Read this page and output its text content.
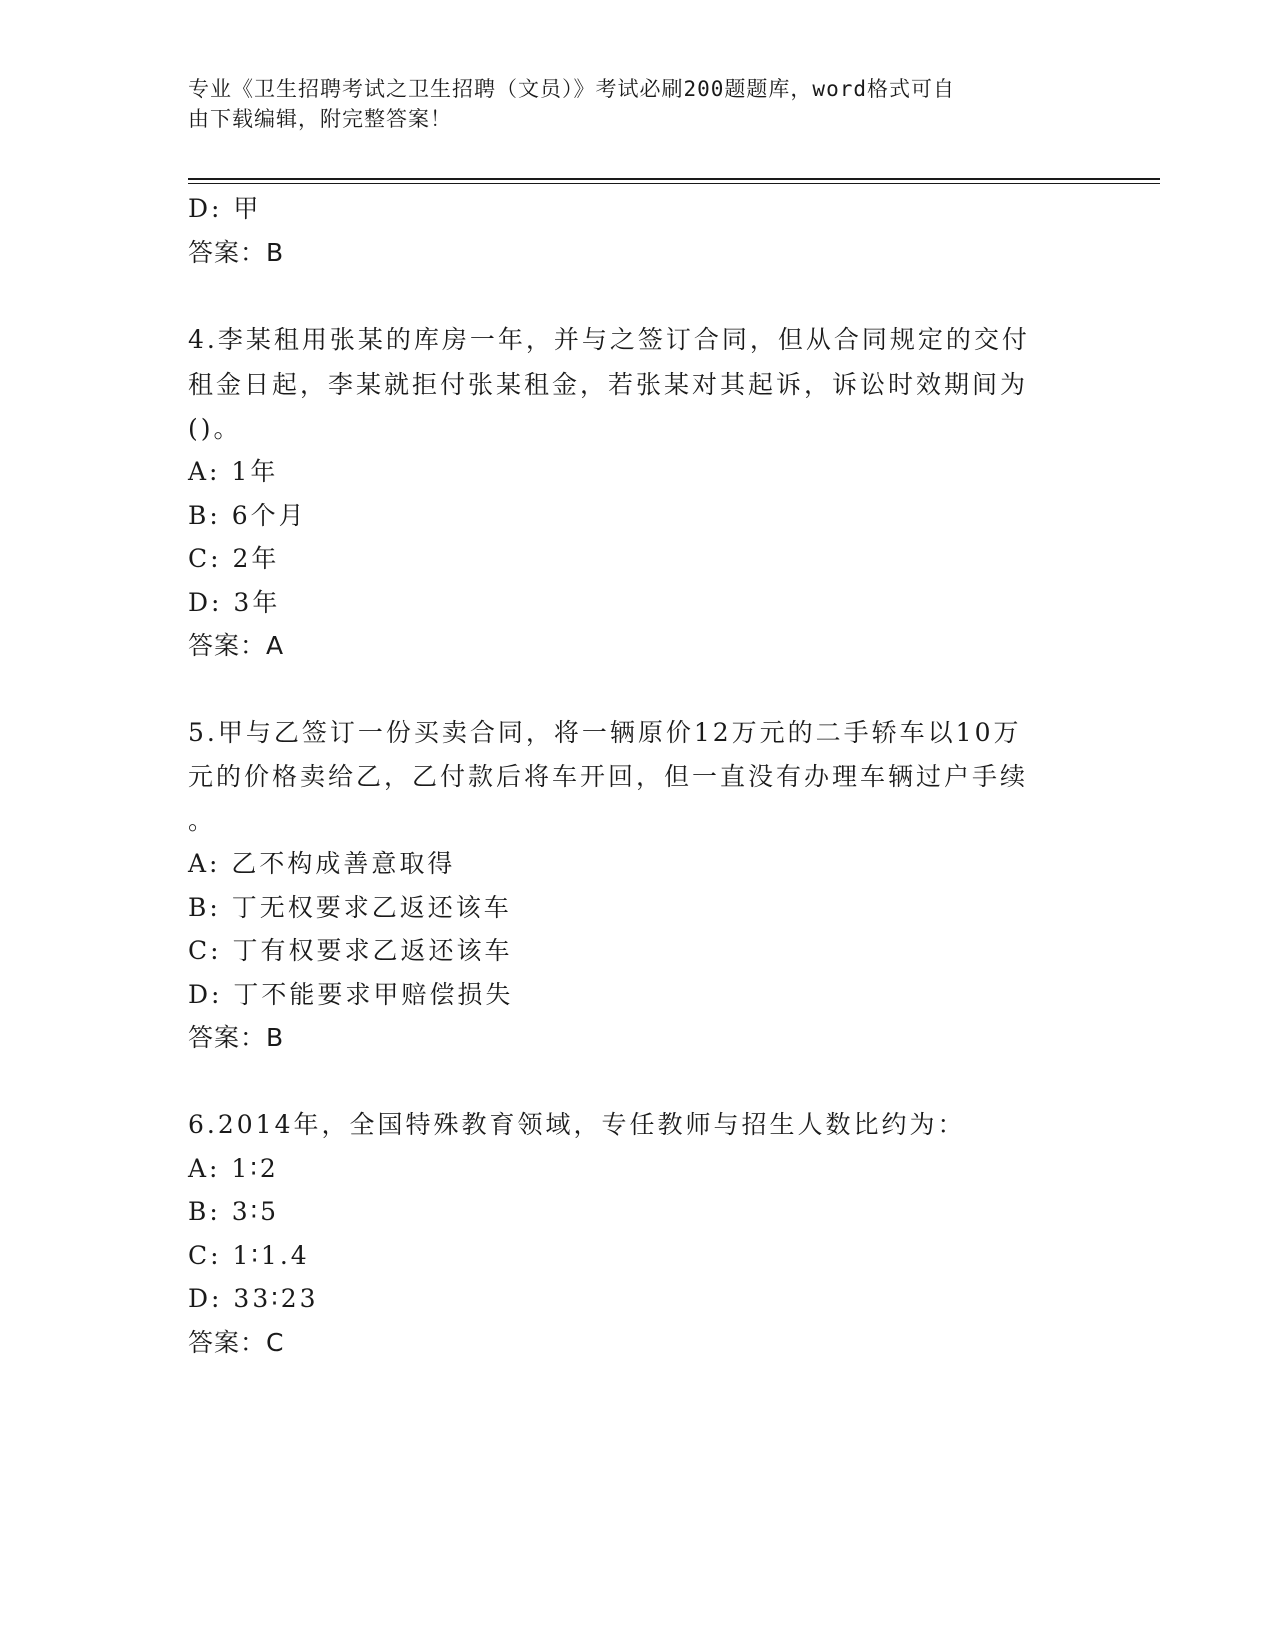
专业《卫生招聘考试之卫生招聘（文员）》考试必刷200题题库，word格式可自
由下载编辑，附完整答案！
D: 甲
答案：B
4.李某租用张某的库房一年，并与之签订合同，但从合同规定的交付
租金日起，李某就拒付张某租金，若张某对其起诉，诉讼时效期间为
()。
A: 1年
B: 6个月
C: 2年
D: 3年
答案：A
5.甲与乙签订一份买卖合同，将一辆原价12万元的二手轿车以10万
元的价格卖给乙，乙付款后将车开回，但一直没有办理车辆过户手续
。
A: 乙不构成善意取得
B: 丁无权要求乙返还该车
C: 丁有权要求乙返还该车
D: 丁不能要求甲赔偿损失
答案：B
6.2014年，全国特殊教育领域，专任教师与招生人数比约为：
A: 1∶2
B: 3∶5
C: 1∶1.4
D: 33∶23
答案：C
